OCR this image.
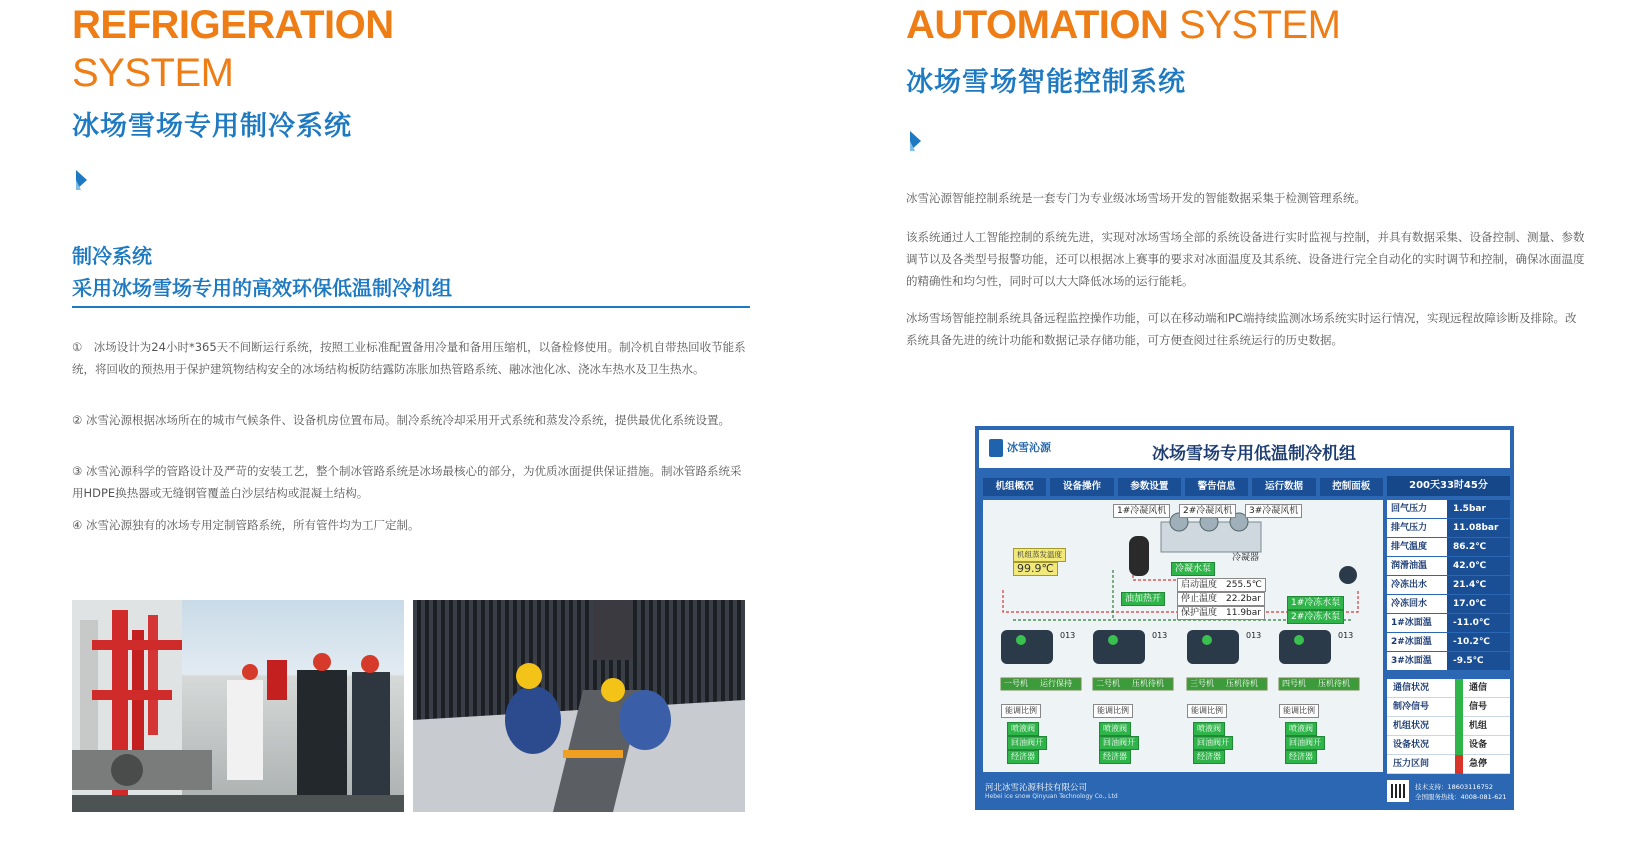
REFRIGERATION
SYSTEM
冰场雪场专用制冷系统
制冷系统
采用冰场雪场专用的高效环保低温制冷机组
①　冰场设计为24小时*365天不间断运行系统，按照工业标准配置备用冷量和备用压缩机，以备检修使用。制冷机自带热回收节能系统，将回收的预热用于保护建筑物结构安全的冰场结构板防结露防冻胀加热管路系统、融冰池化冰、浇冰车热水及卫生热水。
② 冰雪沁源根据冰场所在的城市气候条件、设备机房位置布局。制冷系统冷却采用开式系统和蒸发冷系统，提供最优化系统设置。
③ 冰雪沁源科学的管路设计及严苛的安装工艺，整个制冰管路系统是冰场最核心的部分，为优质冰面提供保证措施。制冰管路系统采用HDPE换热器或无缝钢管覆盖白沙层结构或混凝土结构。
④ 冰雪沁源独有的冰场专用定制管路系统，所有管件均为工厂定制。
AUTOMATION SYSTEM
冰场雪场智能控制系统
冰雪沁源智能控制系统是一套专门为专业级冰场雪场开发的智能数据采集于检测管理系统。
该系统通过人工智能控制的系统先进，实现对冰场雪场全部的系统设备进行实时监视与控制，并具有数据采集、设备控制、测量、参数调节以及各类型号报警功能，还可以根据冰上赛事的要求对冰面温度及其系统、设备进行完全自动化的实时调节和控制，确保冰面温度的精确性和均匀性，同时可以大大降低冰场的运行能耗。
冰场雪场智能控制系统具备远程监控操作功能，可以在移动端和PC端持续监测冰场系统实时运行情况，实现远程故障诊断及排除。改系统具备先进的统计功能和数据记录存储功能，可方便查阅过往系统运行的历史数据。
冰雪沁源	冰场雪场专用低温制冷机组
机组概况	设备操作	参数设置	警告信息	运行数据	控制面板	200天33时45分
1#冷凝风机	2#冷凝风机	3#冷凝风机
冷凝器
冷凝水泵
油加热开
机组蒸发温度
99.9℃
启动温度　255.5℃
停止温度　22.2bar
保护温度　11.9bar
1#冷冻水泵
2#冷冻水泵
013	013	013	013
一号机	运行保持	二号机	压机待机	三号机	压机待机	四号机	压机待机
能调比例	能调比例	能调比例	能调比例
喷液阀
回油阀开
经济器
喷液阀
回油阀开
经济器
喷液阀
回油阀开
经济器
喷液阀
回油阀开
经济器
回气压力	1.5bar
排气压力	11.08bar
排气温度	86.2℃
润滑油温	42.0℃
冷冻出水	21.4℃
冷冻回水	17.0℃
1#冰面温	-11.0℃
2#冰面温	-10.2℃
3#冰面温	-9.5℃
通信状况	通信
制冷信号	信号
机组状况	机组
设备状况	设备
压力区间	急停
河北冰雪沁源科技有限公司
Hebei ice snow Qinyuan Technology Co., Ltd
技术支持：18603116752
全国服务热线：4008-081-621
